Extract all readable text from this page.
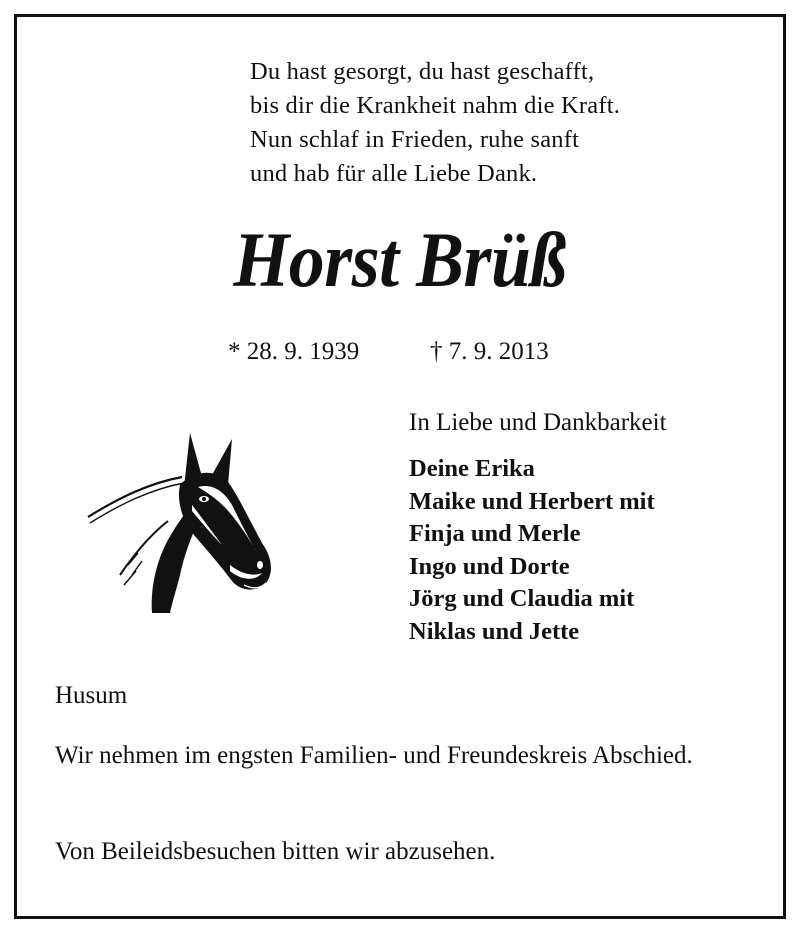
Du hast gesorgt, du hast geschafft,
bis dir die Krankheit nahm die Kraft.
Nun schlaf in Frieden, ruhe sanft
und hab für alle Liebe Dank.
Horst Brüß
* 28. 9. 1939	† 7. 9. 2013
In Liebe und Dankbarkeit
Deine Erika
Maike und Herbert mit
Finja und Merle
Ingo und Dorte
Jörg und Claudia mit
Niklas und Jette
Husum
Wir nehmen im engsten Familien- und Freundeskreis Abschied.
Von Beileidsbesuchen bitten wir abzusehen.
